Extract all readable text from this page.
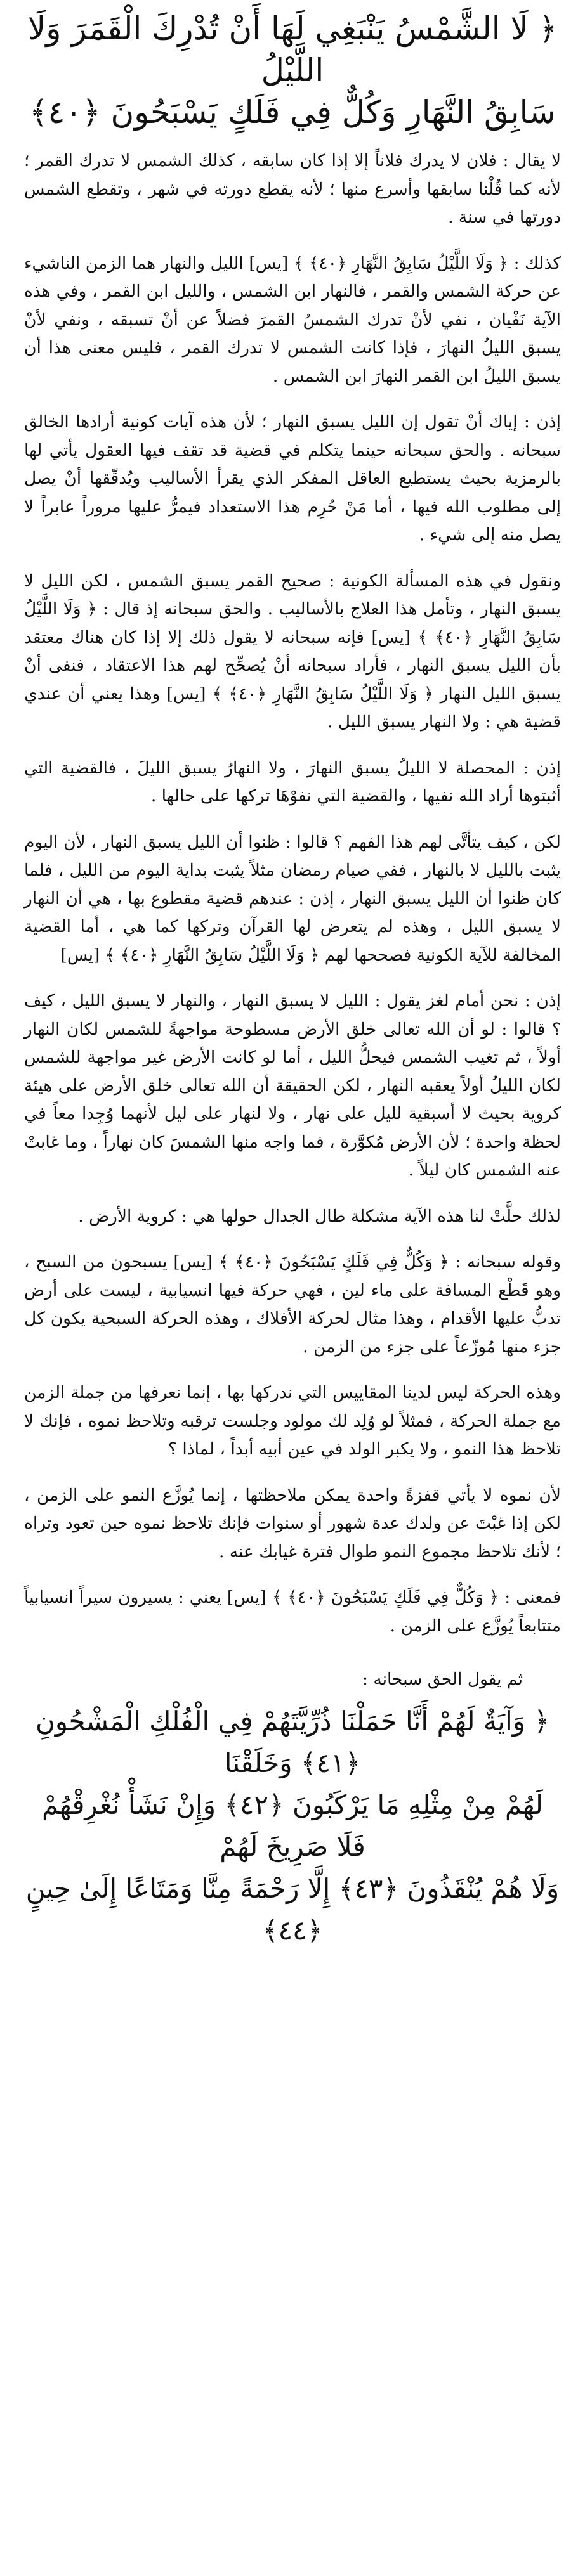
﴿ لَا الشَّمْسُ يَنْبَغِي لَهَا أَنْ تُدْرِكَ الْقَمَرَ وَلَا اللَّيْلُ
سَابِقُ النَّهَارِ وَكُلٌّ فِي فَلَكٍ يَسْبَحُونَ ﴿٤٠﴾

لا يقال : فلان لا يدرك فلاناً إلا إذا كان سابقه ، كذلك الشمس لا تدرك القمر ؛ لأنه كما قُلْنا سابقها وأسرع منها ؛ لأنه يقطع دورته في شهر ، وتقطع الشمس دورتها في سنة .

كذلك : ﴿ وَلَا اللَّيْلُ سَابِقُ النَّهَارِ ﴿٤٠﴾ ﴾ [يس] الليل والنهار هما الزمن الناشيء عن حركة الشمس والقمر ، فالنهار ابن الشمس ، والليل ابن القمر ، وفي هذه الآية نَفْيان ، نفي لأنْ تدرك الشمسُ القمرَ فضلاً عن أنْ تسبقه ، ونفي لأنْ يسبق الليلُ النهارَ ، فإذا كانت الشمس لا تدرك القمر ، فليس معنى هذا أن يسبق الليلُ ابن القمر النهارَ ابن الشمس .

إذن : إياك أنْ تقول إن الليل يسبق النهار ؛ لأن هذه آيات كونية أرادها الخالق سبحانه . والحق سبحانه حينما يتكلم في قضية قد تقف فيها العقول يأتي لها بالرمزية بحيث يستطيع العاقل المفكر الذي يقرأ الأساليب ويُدقّقها أنْ يصل إلى مطلوب الله فيها ، أما مَنْ حُرِم هذا الاستعداد فيمرُّ عليها مروراً عابراً لا يصل منه إلى شيء .

ونقول في هذه المسألة الكونية : صحيح القمر يسبق الشمس ، لكن الليل لا يسبق النهار ، وتأمل هذا العلاج بالأساليب . والحق سبحانه إذ قال : ﴿ وَلَا اللَّيْلُ سَابِقُ النَّهَارِ ﴿٤٠﴾ ﴾ [يس] فإنه سبحانه لا يقول ذلك إلا إذا كان هناك معتقد بأن الليل يسبق النهار ، فأراد سبحانه أنْ يُصحِّح لهم هذا الاعتقاد ، فنفى أنْ يسبق الليل النهار ﴿ وَلَا اللَّيْلُ سَابِقُ النَّهَارِ ﴿٤٠﴾ ﴾ [يس] وهذا يعني أن عندي قضية هي : ولا النهار يسبق الليل .

إذن : المحصلة لا الليلُ يسبق النهارَ ، ولا النهارُ يسبق الليلَ ، فالقضية التي أثبتوها أراد الله نفيها ، والقضية التي نفوْهَا تركها على حالها .

لكن ، كيف يتأتَّى لهم هذا الفهم ؟ قالوا : ظنوا أن الليل يسبق النهار ، لأن اليوم يثبت بالليل لا بالنهار ، ففي صيام رمضان مثلاً يثبت بداية اليوم من الليل ، فلما كان ظنوا أن الليل يسبق النهار ، إذن : عندهم قضية مقطوع بها ، هي أن النهار لا يسبق الليل ، وهذه لم يتعرض لها القرآن وتركها كما هي ، أما القضية المخالفة للآية الكونية فصححها لهم ﴿ وَلَا اللَّيْلُ سَابِقُ النَّهَارِ ﴿٤٠﴾ ﴾ [يس]

إذن : نحن أمام لغز يقول : الليل لا يسبق النهار ، والنهار لا يسبق الليل ، كيف ؟ قالوا : لو أن الله تعالى خلق الأرض مسطوحة مواجهةً للشمس لكان النهار أولاً ، ثم تغيب الشمس فيحلُّ الليل ، أما لو كانت الأرض غير مواجهة للشمس لكان الليلُ أولاً يعقبه النهار ، لكن الحقيقة أن الله تعالى خلق الأرض على هيئة كروية بحيث لا أسبقية لليل على نهار ، ولا لنهار على ليل لأنهما وُجِدا معاً في لحظة واحدة ؛ لأن الأرض مُكوَّرة ، فما واجه منها الشمسَ كان نهاراً ، وما غابتْ عنه الشمس كان ليلاً .

لذلك حلَّتْ لنا هذه الآية مشكلة طال الجدال حولها هي : كروية الأرض .

وقوله سبحانه : ﴿ وَكُلٌّ فِي فَلَكٍ يَسْبَحُونَ ﴿٤٠﴾ ﴾ [يس] يسبحون من السبح ، وهو قَطْع المسافة على ماء لين ، فهي حركة فيها انسيابية ، ليست على أرض تدبُّ عليها الأقدام ، وهذا مثال لحركة الأفلاك ، وهذه الحركة السبحية يكون كل جزء منها مُوزّعاً على جزء من الزمن .

وهذه الحركة ليس لدينا المقاييس التي ندركها بها ، إنما نعرفها من جملة الزمن مع جملة الحركة ، فمثلاً لو وُلِد لك مولود وجلست ترقبه وتلاحظ نموه ، فإنك لا تلاحظ هذا النمو ، ولا يكبر الولد في عين أبيه أبداً ، لماذا ؟

لأن نموه لا يأتي قفزةً واحدة يمكن ملاحظتها ، إنما يُوزَّع النمو على الزمن ، لكن إذا غبْتَ عن ولدك عدة شهور أو سنوات فإنك تلاحظ نموه حين تعود وتراه ؛ لأنك تلاحظ مجموع النمو طوال فترة غيابك عنه .

فمعنى : ﴿ وَكُلٌّ فِي فَلَكٍ يَسْبَحُونَ ﴿٤٠﴾ ﴾ [يس] يعني : يسيرون سيراً انسيابياً متتابعاً يُوزَّع على الزمن .

ثم يقول الحق سبحانه :
﴿ وَآيَةٌ لَهُمْ أَنَّا حَمَلْنَا ذُرِّيَّتَهُمْ فِي الْفُلْكِ الْمَشْحُونِ ﴿٤١﴾ وَخَلَقْنَا
لَهُمْ مِنْ مِثْلِهِ مَا يَرْكَبُونَ ﴿٤٢﴾ وَإِنْ نَشَأْ نُغْرِقْهُمْ فَلَا صَرِيخَ لَهُمْ
وَلَا هُمْ يُنْقَذُونَ ﴿٤٣﴾ إِلَّا رَحْمَةً مِنَّا وَمَتَاعًا إِلَىٰ حِينٍ ﴿٤٤﴾
